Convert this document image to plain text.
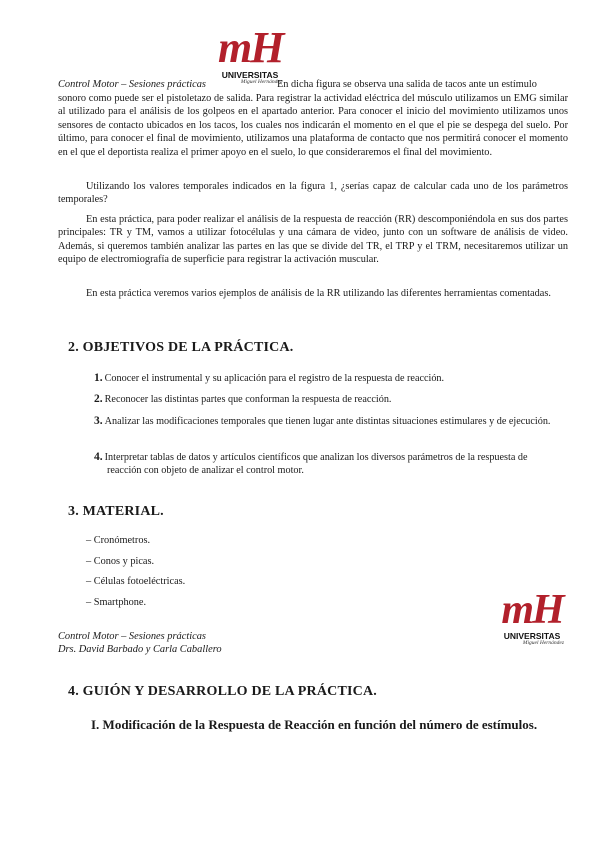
mH
UNIVERSITAS
Miguel Hernández
Control Motor – Sesiones prácticas	En dicha figura se observa una salida de tacos ante un estímulo

sonoro como puede ser el pistoletazo de salida. Para registrar la actividad eléctrica del músculo utilizamos un EMG similar al utilizado para el análisis de los golpeos en el apartado anterior. Para conocer el inicio del movimiento utilizamos unos sensores de contacto ubicados en los tacos, los cuales nos indicarán el momento en el que el pie se despega del suelo. Por último, para conocer el final de movimiento, utilizamos una plataforma de contacto que nos permitirá conocer el momento en el que el deportista realiza el primer apoyo en el suelo, lo que consideraremos el final del movimiento.

Utilizando los valores temporales indicados en la figura 1, ¿serías capaz de calcular cada uno de los parámetros temporales?

En esta práctica, para poder realizar el análisis de la respuesta de reacción (RR) descomponiéndola en sus dos partes principales: TR y TM, vamos a utilizar fotocélulas y una cámara de video, junto con un software de análisis de video. Además, si queremos también analizar las partes en las que se divide del TR, el TRP y el TRM, necesitaremos utilizar un equipo de electromiografía de superficie para registrar la activación muscular.

En esta práctica veremos varios ejemplos de análisis de la RR utilizando las diferentes herramientas comentadas.

2. OBJETIVOS DE LA PRÁCTICA.
1. Conocer el instrumental y su aplicación para el registro de la respuesta de reacción.
2. Reconocer las distintas partes que conforman la respuesta de reacción.
3. Analizar las modificaciones temporales que tienen lugar ante distintas situaciones estimulares y de ejecución.
4. Interpretar tablas de datos y artículos científicos que analizan los diversos parámetros de la respuesta de reacción con objeto de analizar el control motor.
3. MATERIAL.
– Cronómetros.
– Conos y picas.
– Células fotoeléctricas.
– Smartphone.	mH
UNIVERSITAS
Miguel Hernández
Control Motor – Sesiones prácticas
Drs. David Barbado y Carla Caballero
4. GUIÓN Y DESARROLLO DE LA PRÁCTICA.
I. Modificación de la Respuesta de Reacción en función del número de estímulos.
